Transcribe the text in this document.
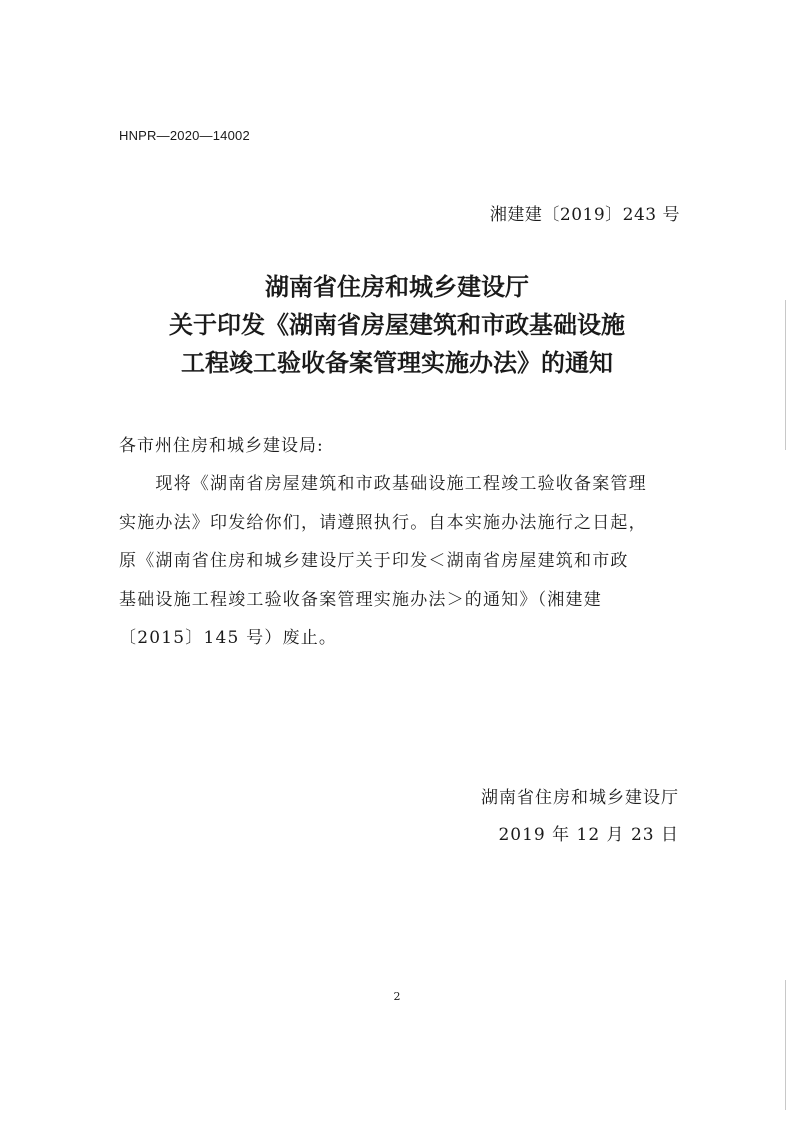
HNPR—2020—14002
湘建建〔2019〕243 号
湖南省住房和城乡建设厅
关于印发《湖南省房屋建筑和市政基础设施
工程竣工验收备案管理实施办法》的通知
各市州住房和城乡建设局:
　　现将《湖南省房屋建筑和市政基础设施工程竣工验收备案管理
实施办法》印发给你们，请遵照执行。自本实施办法施行之日起，
原《湖南省住房和城乡建设厅关于印发＜湖南省房屋建筑和市政
基础设施工程竣工验收备案管理实施办法＞的通知》（湘建建
〔2015〕145 号）废止。
湖南省住房和城乡建设厅
2019 年 12 月 23 日
2
